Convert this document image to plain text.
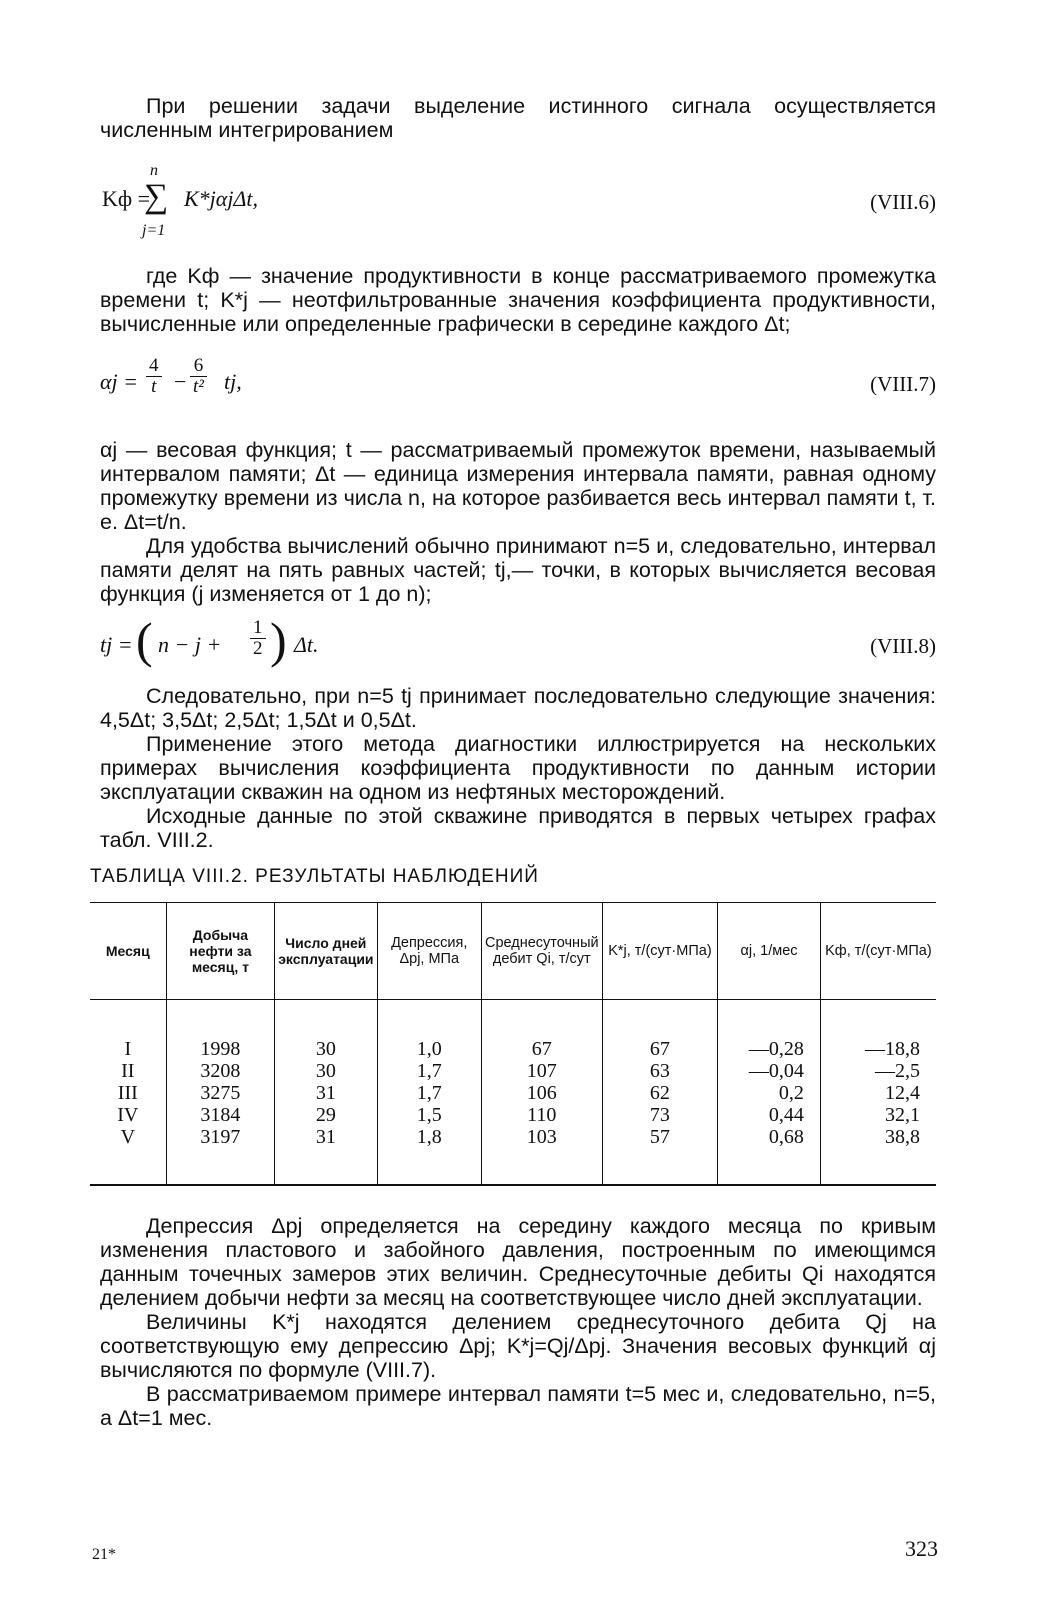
При решении задачи выделение истинного сигнала осуществляется численным интегрированием

Kф =
n
∑
j=1
K*jαjΔt,	(VIII.6)

где Kф — значение продуктивности в конце рассматриваемого промежутка времени t; K*j — неотфильтрованные значения коэффициента продуктивности, вычисленные или определенные графически в середине каждого Δt;

$\alpha j = \frac{4}{t} - \frac{6}{\text{t²}}$ tj,	(VIII.7)

αj — весовая функция; t — рассматриваемый промежуток времени, называемый интервалом памяти; Δt — единица измерения интервала памяти, равная одному промежутку времени из числа n, на которое разбивается весь интервал памяти t, т. е. Δt=t/n.

Для удобства вычислений обычно принимают n=5 и, следовательно, интервал памяти делят на пять равных частей; tj,— точки, в которых вычисляется весовая функция (j изменяется от 1 до n);

tj = ( $n - j + \frac{1}{2}$ ) Δt.	(VIII.8)

Следовательно, при n=5 tj принимает последовательно следующие значения: 4,5Δt; 3,5Δt; 2,5Δt; 1,5Δt и 0,5Δt.

Применение этого метода диагностики иллюстрируется на нескольких примерах вычисления коэффициента продуктивности по данным истории эксплуатации скважин на одном из нефтяных месторождений.

Исходные данные по этой скважине приводятся в первых четырех графах табл. VIII.2.

ТАБЛИЦА VIII.2. РЕЗУЛЬТАТЫ НАБЛЮДЕНИЙ
Месяц	Добыча нефти за месяц, т	Число дней эксплуатации	Депрессия, Δpj, МПа	Среднесуточный дебит Qi, т/сут	K*j, т/(сут·МПа)	αj, 1/мес	Kф, т/(сут·МПа)
I	1998	30	1,0	67	67	—0,28	—18,8
II	3208	30	1,7	107	63	—0,04	—2,5
III	3275	31	1,7	106	62	0,2	12,4
IV	3184	29	1,5	110	73	0,44	32,1
V	3197	31	1,8	103	57	0,68	38,8

Депрессия Δpj определяется на середину каждого месяца по кривым изменения пластового и забойного давления, построенным по имеющимся данным точечных замеров этих величин. Среднесуточные дебиты Qi находятся делением добычи нефти за месяц на соответствующее число дней эксплуатации.

Величины K*j находятся делением среднесуточного дебита Qj на соответствующую ему депрессию Δpj; K*j=Qj/Δpj. Значения весовых функций αj вычисляются по формуле (VIII.7).

В рассматриваемом примере интервал памяти t=5 мес и, следовательно, n=5, а Δt=1 мес.

21*	323
